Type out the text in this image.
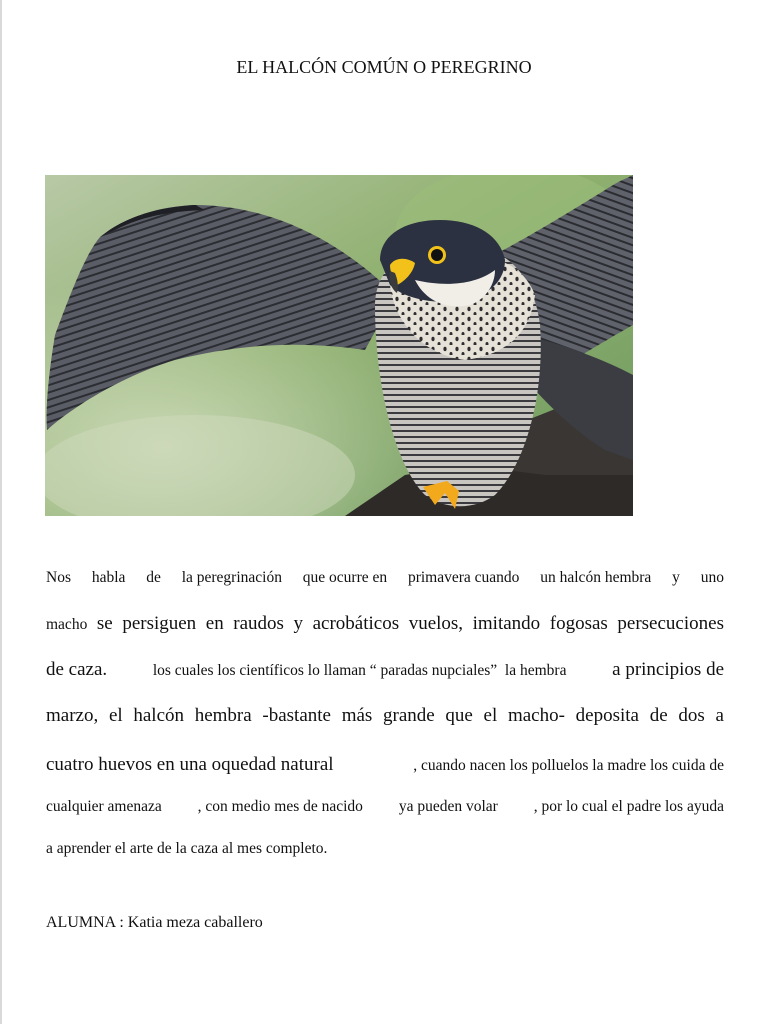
EL HALCÓN COMÚN O PEREGRINO
Nos habla de la peregrinación que ocurre en primavera cuando un halcón hembra y uno
macho se persiguen en raudos y acrobáticos vuelos, imitando fogosas persecuciones
de caza.	los cuales los científicos lo llaman “ paradas nupciales”  la hembra a principios de
marzo, el halcón hembra -bastante más grande que el macho- deposita de dos a
cuatro huevos en una oquedad natural	, cuando nacen los polluelos la madre los cuida de
cualquier amenaza , con medio mes de nacido ya pueden volar , por lo cual el padre los ayuda
a aprender el arte de la caza al mes completo.
ALUMNA : Katia meza caballero
